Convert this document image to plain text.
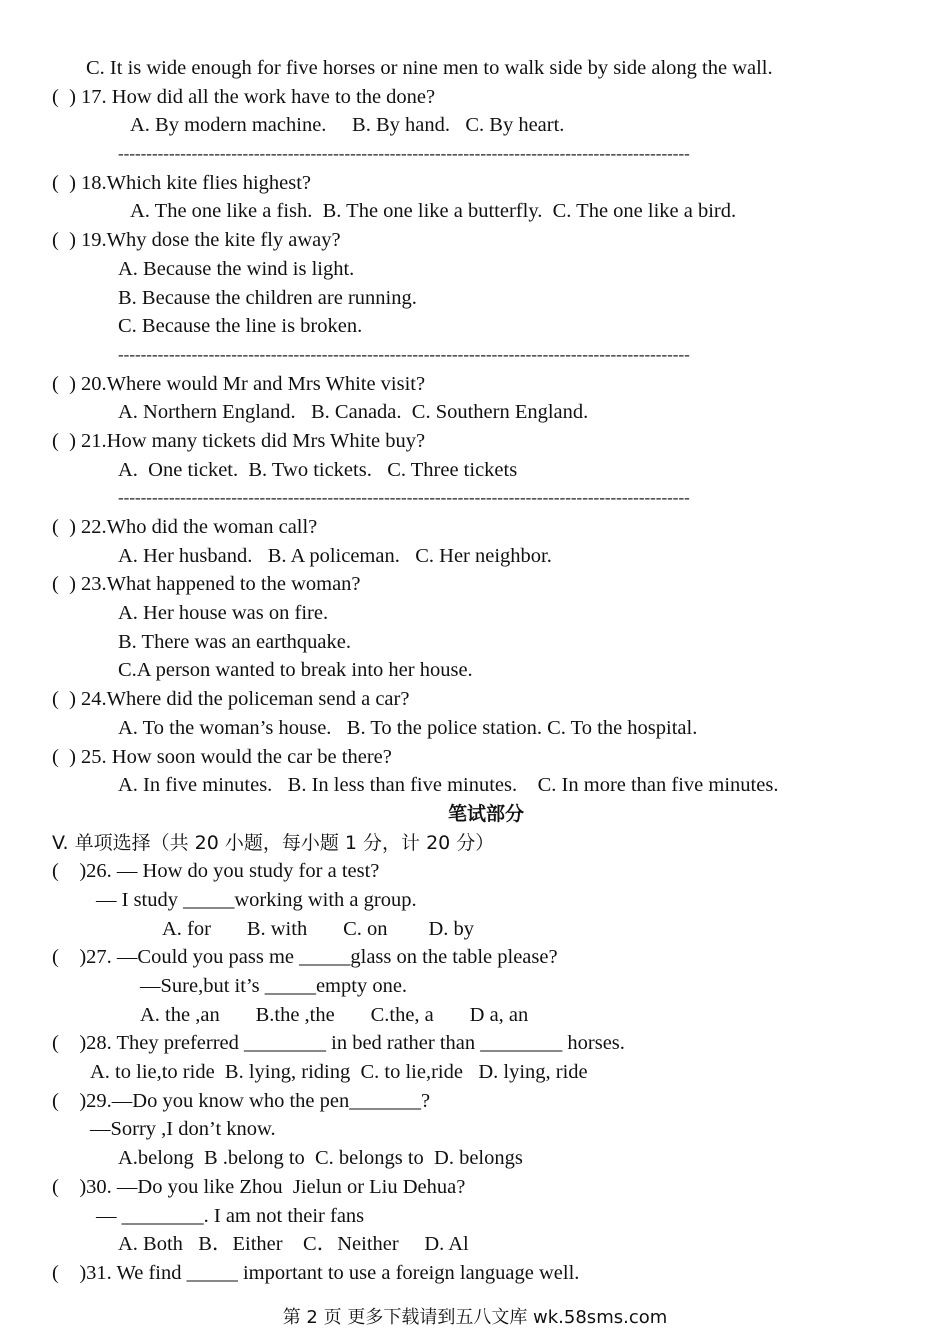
C. It is wide enough for five horses or nine men to walk side by side along the wall.
(  ) 17. How did all the work have to the done?
A. By modern machine.     B. By hand.   C. By heart.
-----------------------------------------------------------------------------------------------------
(  ) 18.Which kite flies highest?
A. The one like a fish.  B. The one like a butterfly.  C. The one like a bird.
(  ) 19.Why dose the kite fly away?
A. Because the wind is light.
B. Because the children are running.
C. Because the line is broken.
-----------------------------------------------------------------------------------------------------
(  ) 20.Where would Mr and Mrs White visit?
A. Northern England.   B. Canada.  C. Southern England.
(  ) 21.How many tickets did Mrs White buy?
A.  One ticket.  B. Two tickets.   C. Three tickets
-----------------------------------------------------------------------------------------------------
(  ) 22.Who did the woman call?
A. Her husband.   B. A policeman.   C. Her neighbor.
(  ) 23.What happened to the woman?
A. Her house was on fire.
B. There was an earthquake.
C.A person wanted to break into her house.
(  ) 24.Where did the policeman send a car?
A. To the woman’s house.   B. To the police station. C. To the hospital.
(  ) 25. How soon would the car be there?
A. In five minutes.   B. In less than five minutes.    C. In more than five minutes.
笔试部分
V. 单项选择（共 20 小题，每小题 1 分，计 20 分）
(    )26. — How do you study for a test?
— I study _____working with a group.
A. for       B. with       C. on        D. by
(    )27. —Could you pass me _____glass on the table please?
—Sure,but it’s _____empty one.
A. the ,an       B.the ,the       C.the, a       D a, an
(    )28. They preferred ________ in bed rather than ________ horses.
A. to lie,to ride  B. lying, riding  C. to lie,ride   D. lying, ride
(    )29.—Do you know who the pen_______?
—Sorry ,I don’t know.
A.belong  B .belong to  C. belongs to  D. belongs
(    )30. —Do you like Zhou  Jielun or Liu Dehua?
— ________. I am not their fans
A. Both   B．Either    C．Neither     D. Al
(    )31. We find _____ important to use a foreign language well.
第 2 页 更多下载请到五八文库 wk.58sms.com
